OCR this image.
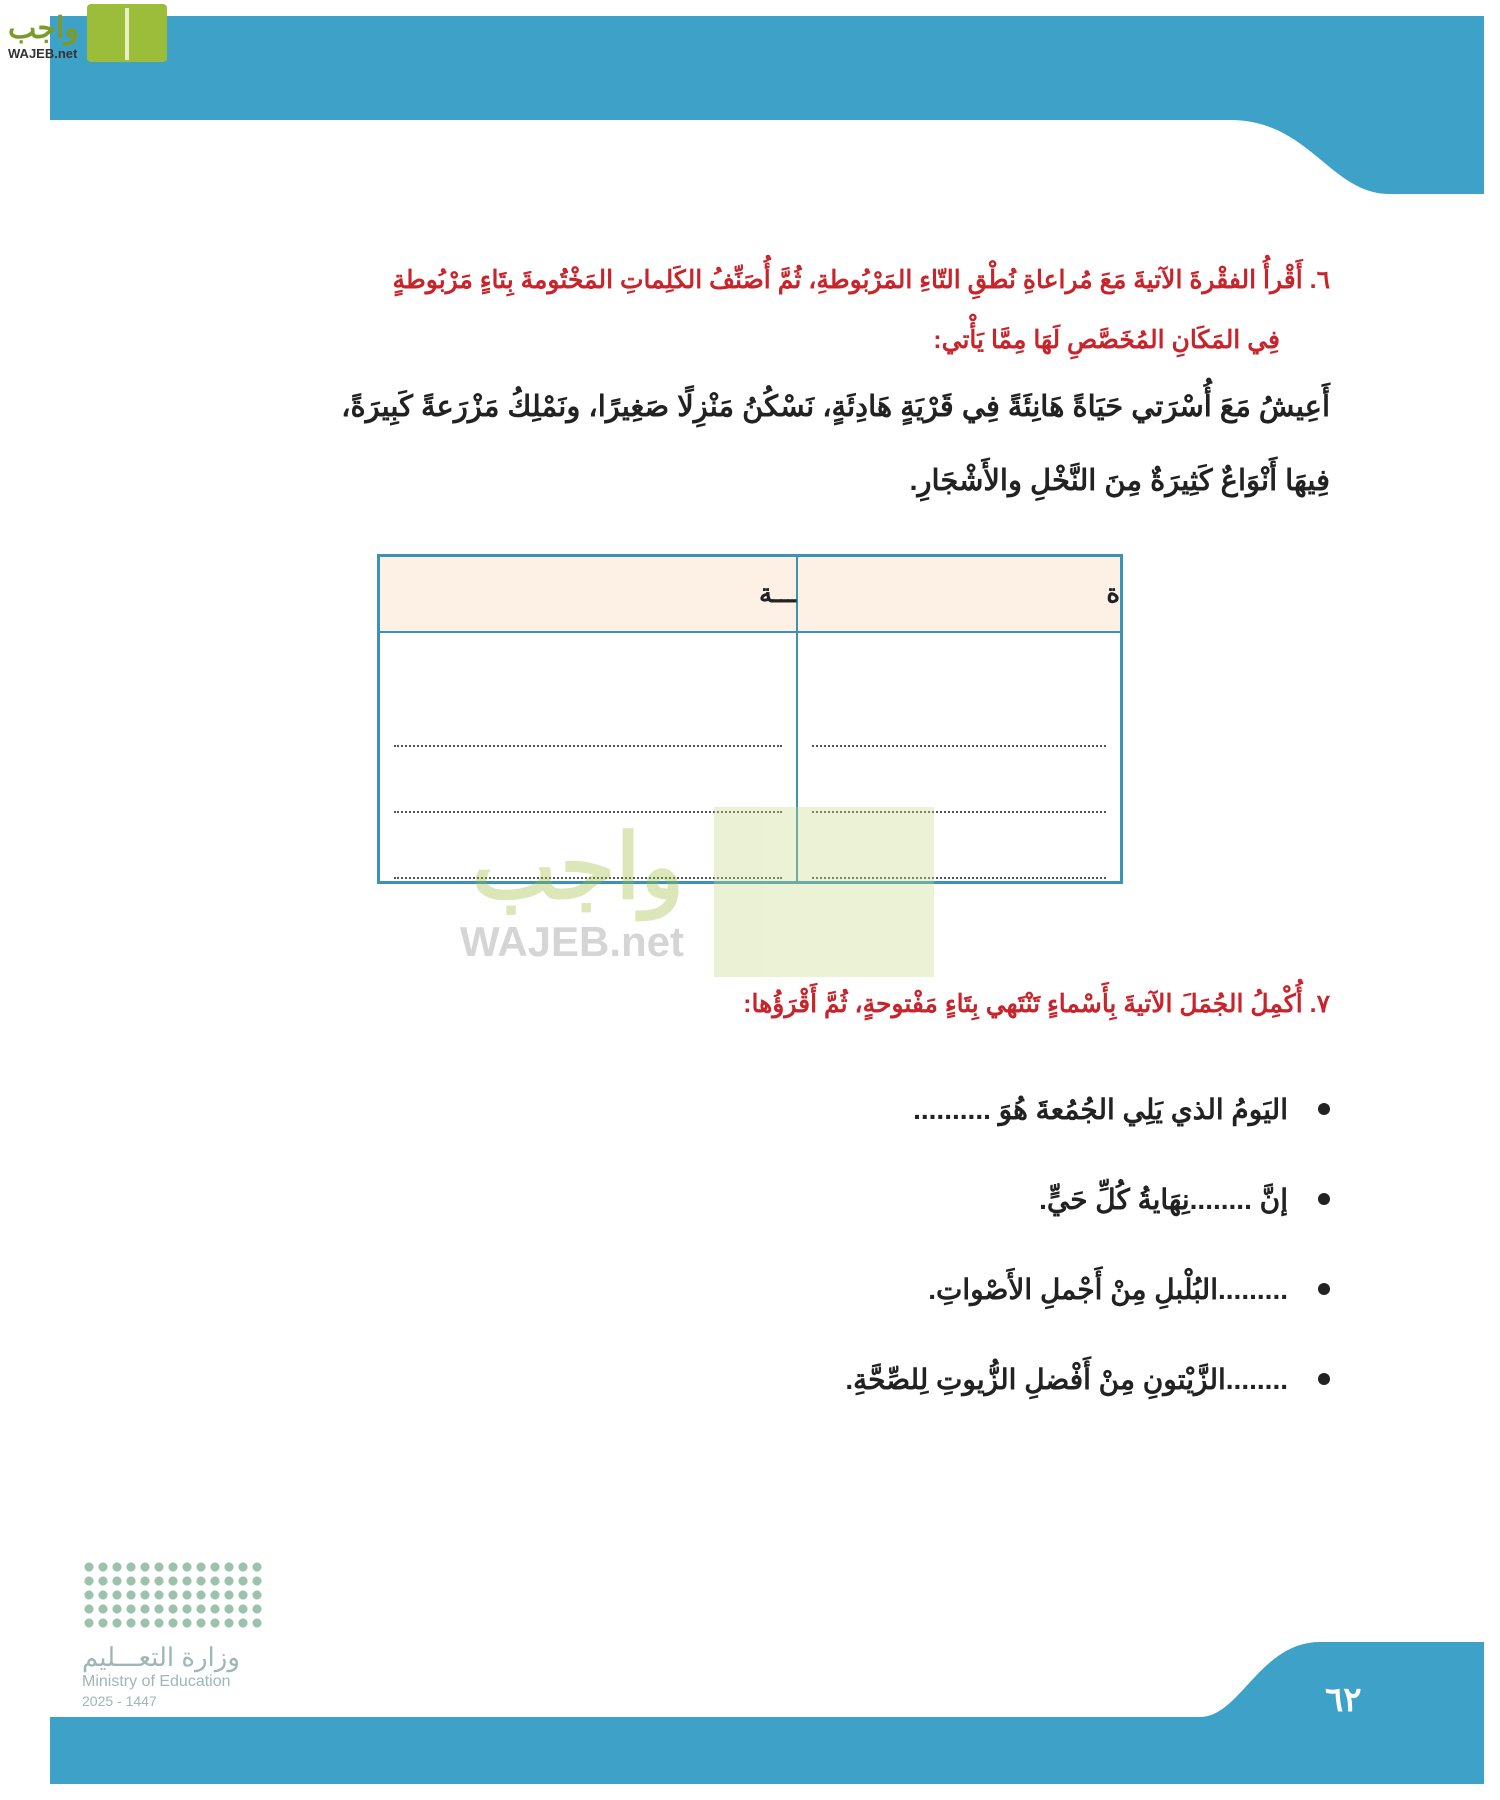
واجب
WAJEB.net
٦. أَقْرأُ الفقْرةَ الآتيةَ مَعَ مُراعاةِ نُطْقِ التّاءِ المَرْبُوطةِ، ثُمَّ أُصَنِّفُ الكَلِماتِ المَخْتُومةَ بِتَاءٍ مَرْبُوطةٍ
فِي المَكَانِ المُخَصَّصِ لَهَا مِمَّا يَأْتي:
أَعِيشُ مَعَ أُسْرَتي حَيَاةً هَانِئَةً فِي قَرْيَةٍ هَادِئَةٍ، نَسْكُنُ مَنْزِلًا صَغِيرًا، ونَمْلِكُ مَزْرَعةً كَبِيرَةً،
فِيهَا أَنْوَاعٌ كَثِيرَةٌ مِنَ النَّخْلِ والأَشْجَارِ.
ـــة	ة

واجب
WAJEB.net
٧. أُكْمِلُ الجُمَلَ الآتيةَ بِأَسْماءٍ تَنْتَهي بِتَاءٍ مَفْتوحةٍ، ثُمَّ أَقْرَؤُها:
اليَومُ الذي يَلِي الجُمُعةَ هُوَ ..........
إنَّ ........نِهَايةُ كُلِّ حَيٍّ.
.........البُلْبلِ مِنْ أَجْملِ الأَصْواتِ.
........الزَّيْتونِ مِنْ أَفْضلِ الزُّيوتِ لِلصِّحَّةِ.
وزارة التعـــليم
Ministry of Education
2025 - 1447	٦٢
